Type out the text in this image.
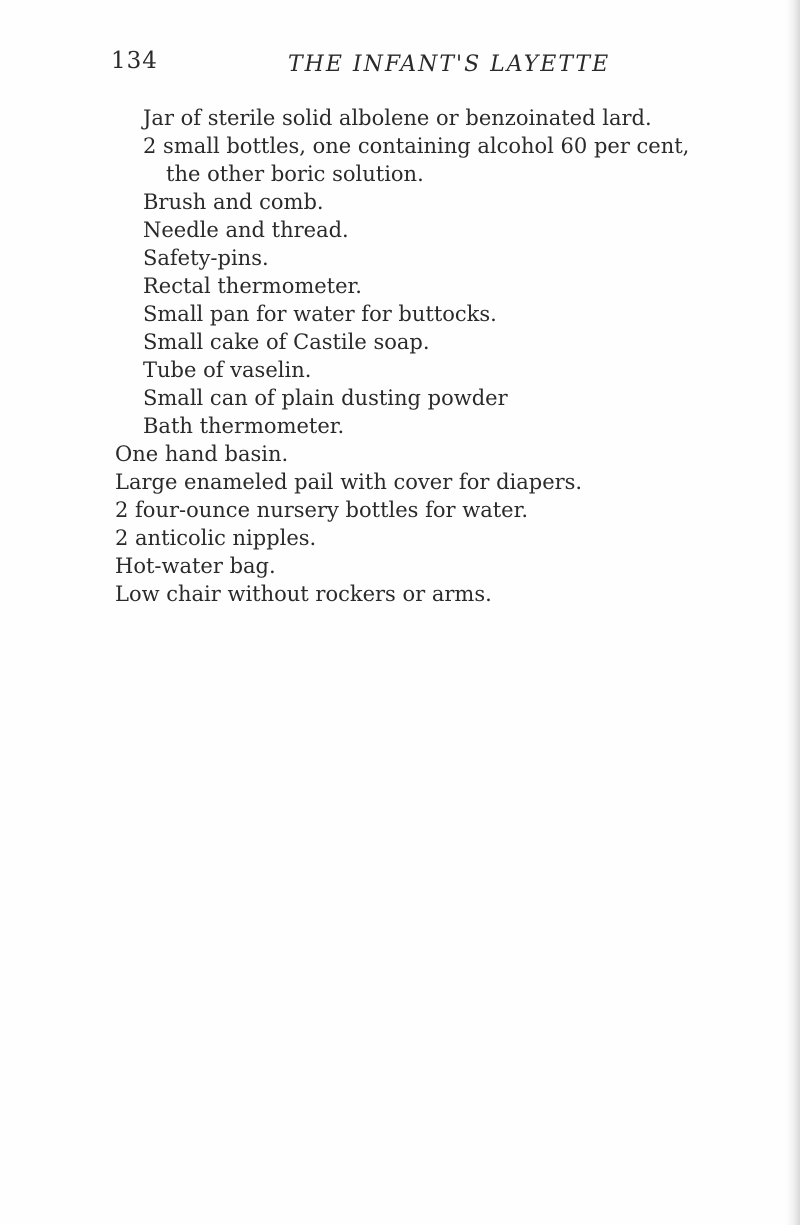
134	THE INFANT'S LAYETTE
Jar of sterile solid albolene or benzoinated lard.
2 small bottles, one containing alcohol 60 per cent,
the other boric solution.
Brush and comb.
Needle and thread.
Safety-pins.
Rectal thermometer.
Small pan for water for buttocks.
Small cake of Castile soap.
Tube of vaselin.
Small can of plain dusting powder
Bath thermometer.
One hand basin.
Large enameled pail with cover for diapers.
2 four-ounce nursery bottles for water.
2 anticolic nipples.
Hot-water bag.
Low chair without rockers or arms.
